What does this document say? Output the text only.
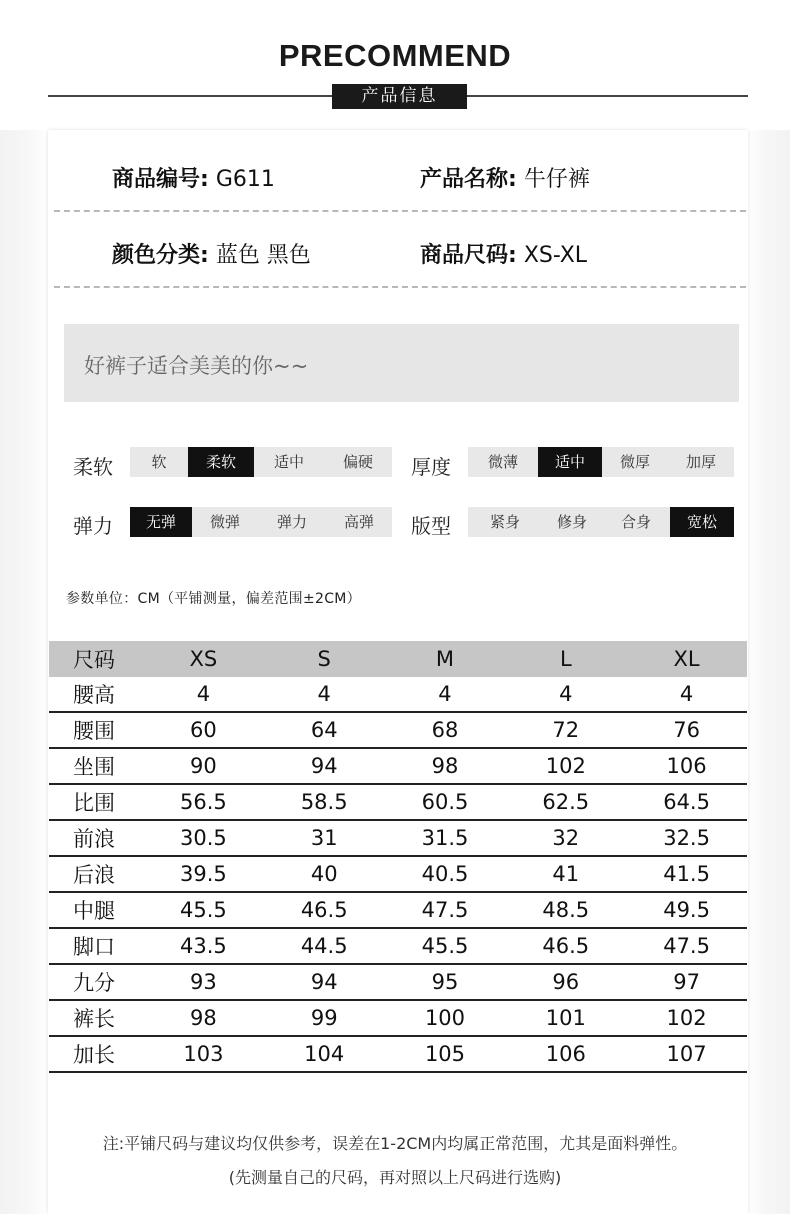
PRECOMMEND
产品信息
商品编号: G611	产品名称: 牛仔裤
颜色分类: 蓝色 黑色	商品尺码: XS-XL
好裤子适合美美的你~~
柔软	软	柔软	适中	偏硬	厚度	微薄	适中	微厚	加厚
弹力	无弹	微弹	弹力	高弹	版型	紧身	修身	合身	宽松
参数单位：CM（平铺测量，偏差范围±2CM）
尺码	XS	S	M	L	XL
腰高	4	4	4	4	4
腰围	60	64	68	72	76
坐围	90	94	98	102	106
比围	56.5	58.5	60.5	62.5	64.5
前浪	30.5	31	31.5	32	32.5
后浪	39.5	40	40.5	41	41.5
中腿	45.5	46.5	47.5	48.5	49.5
脚口	43.5	44.5	45.5	46.5	47.5
九分	93	94	95	96	97
裤长	98	99	100	101	102
加长	103	104	105	106	107
注:平铺尺码与建议均仅供参考，误差在1-2CM内均属正常范围，尤其是面料弹性。
(先测量自己的尺码，再对照以上尺码进行选购)
